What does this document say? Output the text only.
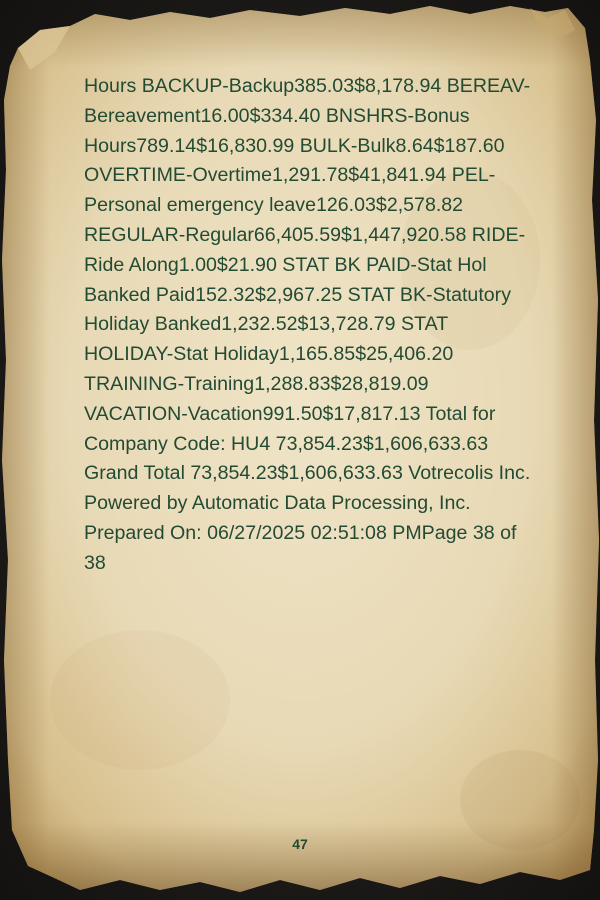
Hours BACKUP-Backup385.03$8,178.94 BEREAV-Bereavement16.00$334.40 BNSHRS-Bonus Hours789.14$16,830.99 BULK-Bulk8.64$187.60 OVERTIME-Overtime1,291.78$41,841.94 PEL-Personal emergency leave126.03$2,578.82 REGULAR-Regular66,405.59$1,447,920.58 RIDE-Ride Along1.00$21.90 STAT BK PAID-Stat Hol Banked Paid152.32$2,967.25 STAT BK-Statutory Holiday Banked1,232.52$13,728.79 STAT HOLIDAY-Stat Holiday1,165.85$25,406.20 TRAINING-Training1,288.83$28,819.09 VACATION-Vacation991.50$17,817.13 Total for Company Code: HU4 73,854.23$1,606,633.63 Grand Total 73,854.23$1,606,633.63 Votrecolis Inc. Powered by Automatic Data Processing, Inc. Prepared On: 06/27/2025 02:51:08 PMPage 38 of 38

47
